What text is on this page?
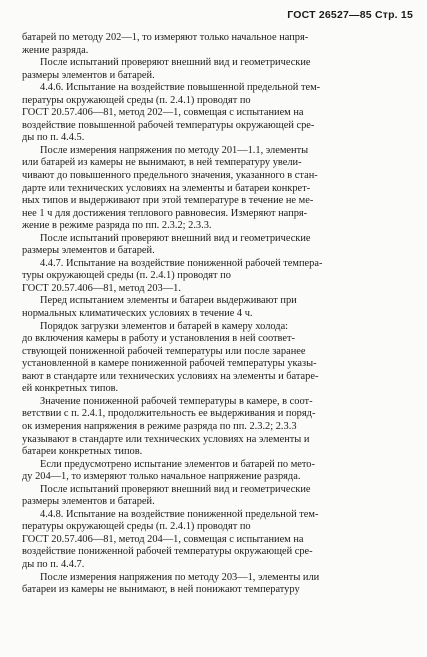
ГОСТ 26527—85 Стр. 15
батарей по методу 202—1, то измеряют только начальное напря-
жение разряда.
После испытаний проверяют внешний вид и геометрические
размеры элементов и батарей.
4.4.6. Испытание на воздействие повышенной предельной тем-
пературы окружающей среды (п. 2.4.1) проводят по
ГОСТ 20.57.406—81, метод 202—1, совмещая с испытанием на
воздействие повышенной рабочей температуры окружающей сре-
ды по п. 4.4.5.
После измерения напряжения по методу 201—1.1, элементы
или батарей из камеры не вынимают, в ней температуру увели-
чивают до повышенного предельного значения, указанного в стан-
дарте или технических условиях на элементы и батареи конкрет-
ных типов и выдерживают при этой температуре в течение не ме-
нее 1 ч для достижения теплового равновесия. Измеряют напря-
жение в режиме разряда по пп. 2.3.2; 2.3.3.
После испытаний проверяют внешний вид и геометрические
размеры элементов и батарей.
4.4.7. Испытание на воздействие пониженной рабочей темпера-
туры окружающей среды (п. 2.4.1) проводят по
ГОСТ 20.57.406—81, метод 203—1.
Перед испытанием элементы и батареи выдерживают при
нормальных климатических условиях в течение 4 ч.
Порядок загрузки элементов и батарей в камеру холода:
до включения камеры в работу и установления в ней соответ-
ствующей пониженной рабочей температуры или после заранее
установленной в камере пониженной рабочей температуры указы-
вают в стандарте или технических условиях на элементы и батаре-
ей конкретных типов.
Значение пониженной рабочей температуры в камере, в соот-
ветствии с п. 2.4.1, продолжительность ее выдерживания и поряд-
ок измерения напряжения в режиме разряда по пп. 2.3.2; 2.3.3
указывают в стандарте или технических условиях на элементы и
батареи конкретных типов.
Если предусмотрено испытание элементов и батарей по мето-
ду 204—1, то измеряют только начальное напряжение разряда.
После испытаний проверяют внешний вид и геометрические
размеры элементов и батарей.
4.4.8. Испытание на воздействие пониженной предельной тем-
пературы окружающей среды (п. 2.4.1) проводят по
ГОСТ 20.57.406—81, метод 204—1, совмещая с испытанием на
воздействие пониженной рабочей температуры окружающей сре-
ды по п. 4.4.7.
После измерения напряжения по методу 203—1, элементы или
батареи из камеры не вынимают, в ней понижают температуру
